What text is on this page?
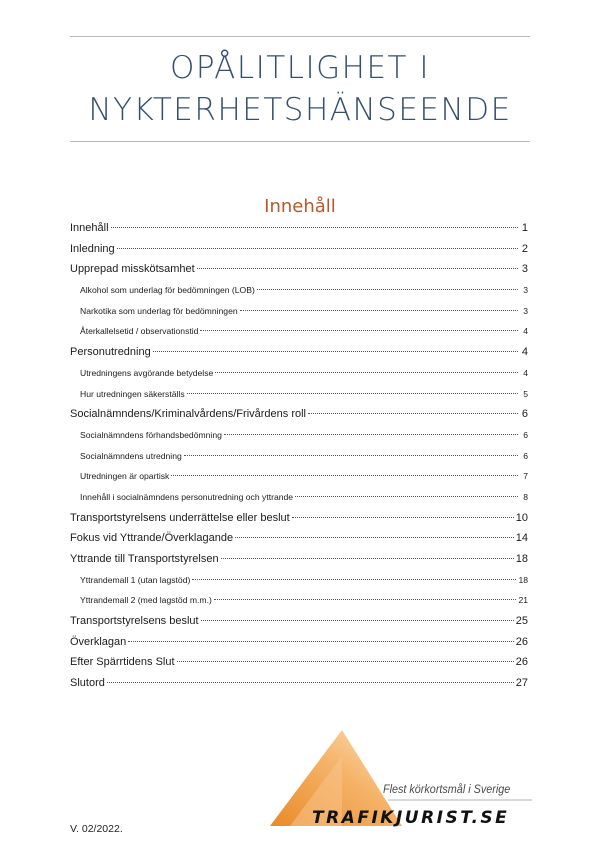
OPÅLITLIGHET I NYKTERHETSHÄNSEENDE
Innehåll
Innehåll	1
Inledning	2
Upprepad misskötsamhet	3
Alkohol som underlag för bedömningen (LOB)	3
Narkotika som underlag för bedömningen	3
Återkallelsetid / observationstid	4
Personutredning	4
Utredningens avgörande betydelse	4
Hur utredningen säkerställs	5
Socialnämndens/Kriminalvårdens/Frivårdens roll	6
Socialnämndens förhandsbedömning	6
Socialnämndens utredning	6
Utredningen är opartisk	7
Innehåll i socialnämndens personutredning och yttrande	8
Transportstyrelsens underrättelse eller beslut	10
Fokus vid Yttrande/Överklagande	14
Yttrande till Transportstyrelsen	18
Yttrandemall 1 (utan lagstöd)	18
Yttrandemall 2 (med lagstöd m.m.)	21
Transportstyrelsens beslut	25
Överklagan	26
Efter Spärrtidens Slut	26
Slutord	27
Flest körkortsmål i Sverige
TRAFIKJURIST.SE
V. 02/2022.
